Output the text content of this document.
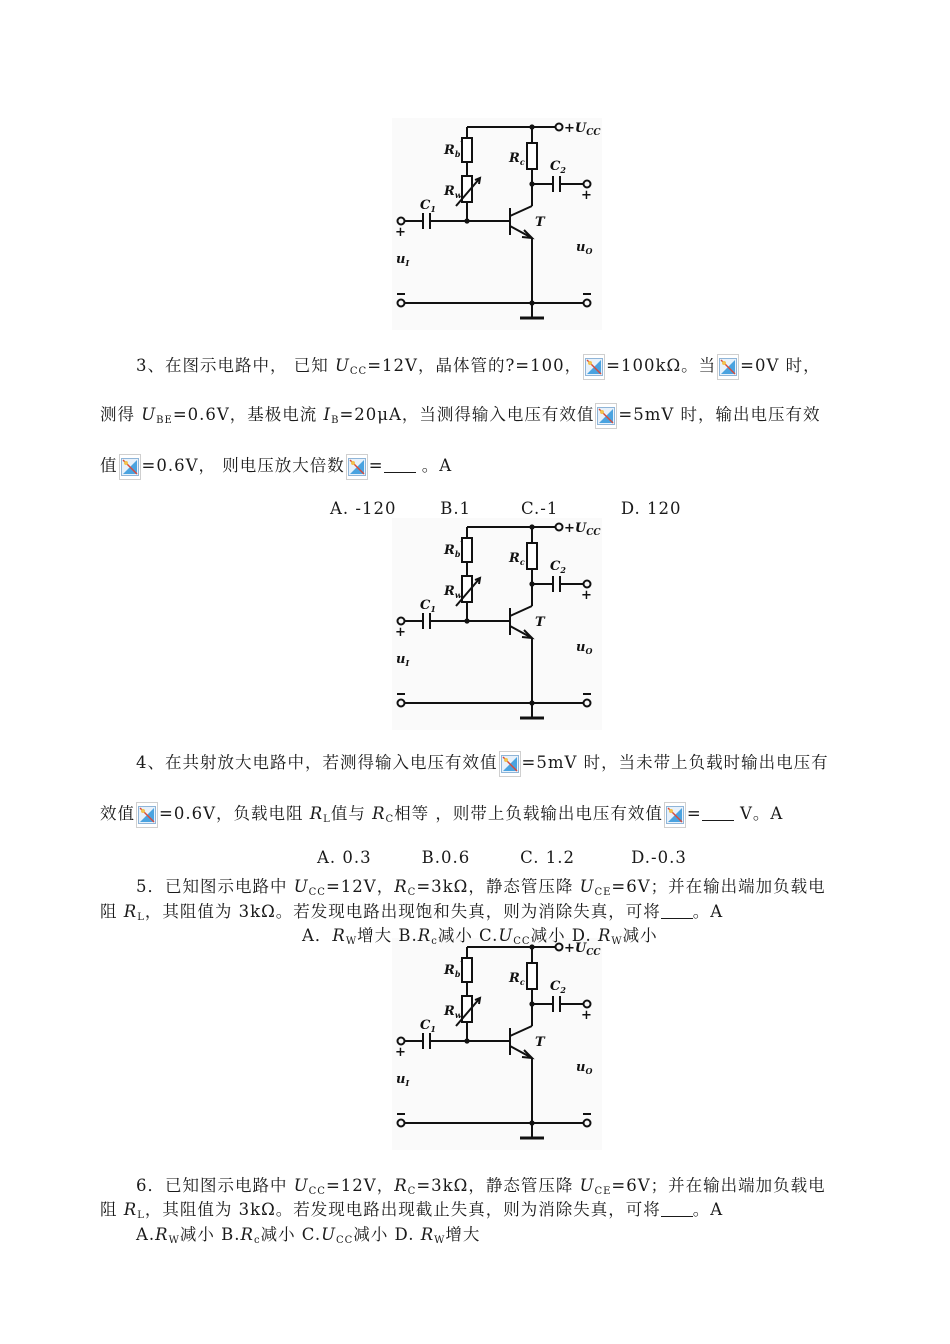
$+U_{CC}$
$R_b'$
$R_w$
$R_c$ $C_2$
$C_1$
T
$u_I$
$u_O$
+
+
$+U_{CC}$
$R_b'$
$R_w$
$R_c$ $C_2$
$C_1$
T
$u_I$
$u_O$
+
+
$+U_{CC}$
$R_b'$
$R_w$
$R_c$ $C_2$
$C_1$
T
$u_I$
$u_O$
+
+
3、在图示电路中， 已知 $U_{CC}=12V$，晶体管的?=100， =100kΩ。当 =0V 时，
测得 $U_{BE}=0.6V$，基极电流 $I_B=20\mu A$，当测得输入电压有效值 =5mV 时，输出电压有效
值 =0.6V， 则电压放大倍数 = 。A
A. -120       B.1        C.-1          D. 120
4、在共射放大电路中，若测得输入电压有效值 =5mV 时，当未带上负载时输出电压有
效值 =0.6V，负载电阻 $R_L$值与 $R_C$相等 ，则带上负载输出电压有效值 = V。A
A. 0.3        B.0.6        C. 1.2         D.-0.3
5．已知图示电路中 $U_{CC}=12V$，$R_C=3k\Omega$，静态管压降 $U_{CE}=6V$；并在输出端加负载电
阻 $R_L$，其阻值为 3kΩ。若发现电路出现饱和失真，则为消除失真，可将 。A
A．$R_W$增大 $B.R_c$减小 $C.U_{CC}$减小 D. $R_W$减小
6．已知图示电路中 $U_{CC}=12V$，$R_C=3k\Omega$，静态管压降 $U_{CE}=6V$；并在输出端加负载电
阻 $R_L$，其阻值为 3kΩ。若发现电路出现截止失真，则为消除失真，可将 。A
$A.R_W$减小 $B.R_c$减小 $C.U_{CC}$减小 D. $R_W$增大
